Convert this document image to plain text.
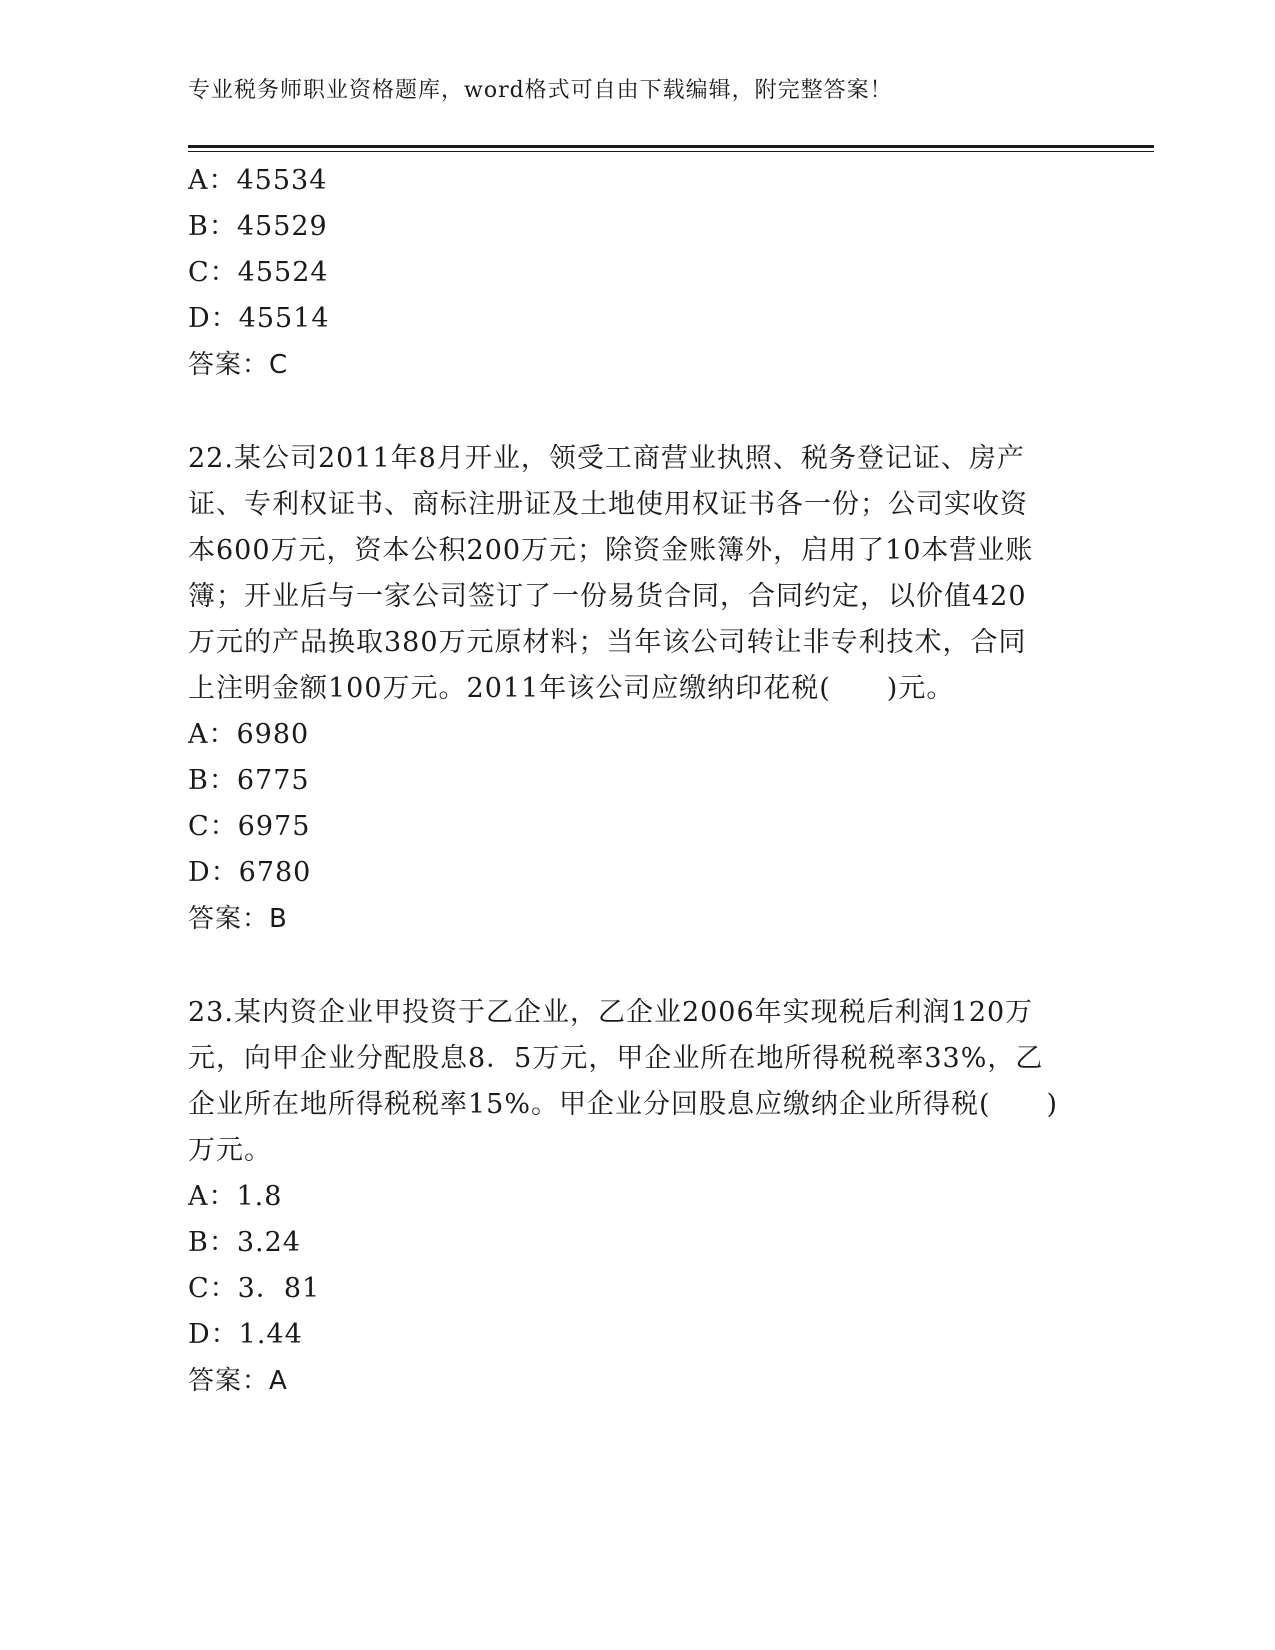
专业税务师职业资格题库，word格式可自由下载编辑，附完整答案！
A：45534
B：45529
C：45524
D：45514
答案：C
22.某公司2011年8月开业，领受工商营业执照、税务登记证、房产
证、专利权证书、商标注册证及土地使用权证书各一份；公司实收资
本600万元，资本公积200万元；除资金账簿外，启用了10本营业账
簿；开业后与一家公司签订了一份易货合同，合同约定，以价值420
万元的产品换取380万元原材料；当年该公司转让非专利技术，合同
上注明金额100万元。2011年该公司应缴纳印花税(　　)元。
A：6980
B：6775
C：6975
D：6780
答案：B
23.某内资企业甲投资于乙企业，乙企业2006年实现税后利润120万
元，向甲企业分配股息8．5万元，甲企业所在地所得税税率33%，乙
企业所在地所得税税率15%。甲企业分回股息应缴纳企业所得税(　　)
万元。
A：1.8
B：3.24
C：3．81
D：1.44
答案：A
